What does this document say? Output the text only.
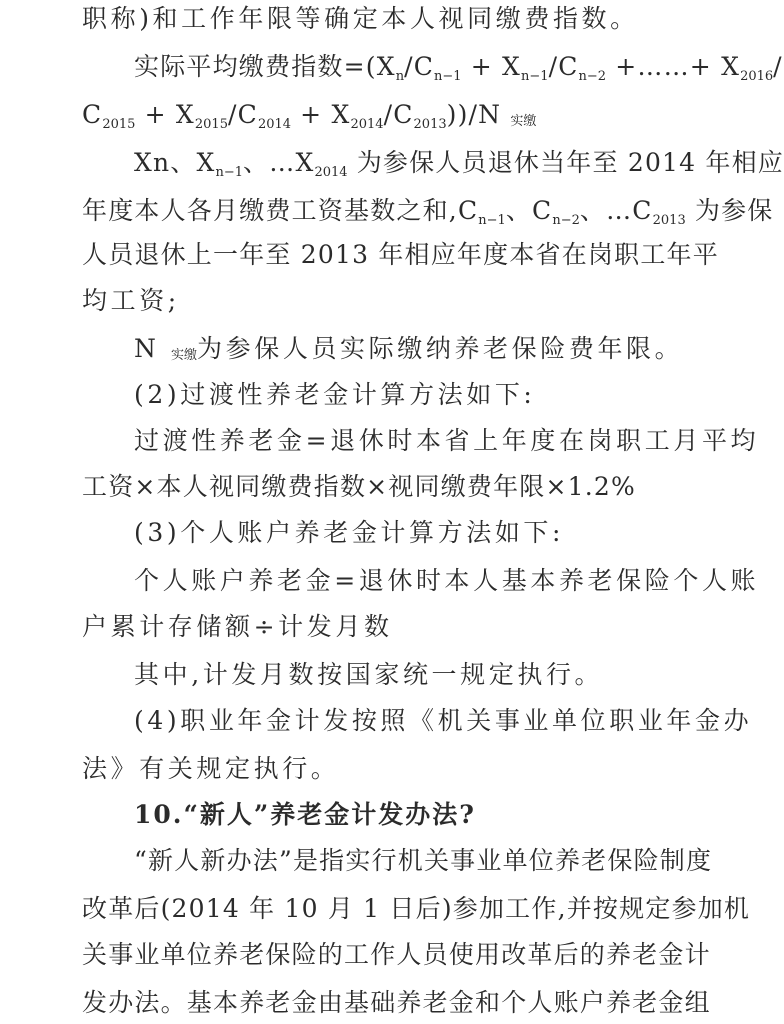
职称)和工作年限等确定本人视同缴费指数。
实际平均缴费指数$=(X_n/C_{n-1} + X_{n-1}/C_{n-2}$ +……+ $X_{2016}/$
$C_{2015} + X_{2015}/C_{2014} + X_{2014}/C_{2013}))/N$ 实缴
Xn、$X_{n-1}$、$\dots X_{2014}$ 为参保人员退休当年至 2014 年相应
年度本人各月缴费工资基数之和$,C_{n-1}$、$C_{n-2}$、$\dots C_{2013}$ 为参保
人员退休上一年至 2013 年相应年度本省在岗职工年平
均工资;
N 实缴为参保人员实际缴纳养老保险费年限。
(2)过渡性养老金计算方法如下:
过渡性养老金=退休时本省上年度在岗职工月平均
工资×本人视同缴费指数×视同缴费年限×1.2%
(3)个人账户养老金计算方法如下:
个人账户养老金=退休时本人基本养老保险个人账
户累计存储额÷计发月数
其中,计发月数按国家统一规定执行。
(4)职业年金计发按照《机关事业单位职业年金办
法》有关规定执行。
10.“新人”养老金计发办法?
“新人新办法”是指实行机关事业单位养老保险制度
改革后(2014 年 10 月 1 日后)参加工作,并按规定参加机
关事业单位养老保险的工作人员使用改革后的养老金计
发办法。基本养老金由基础养老金和个人账户养老金组
